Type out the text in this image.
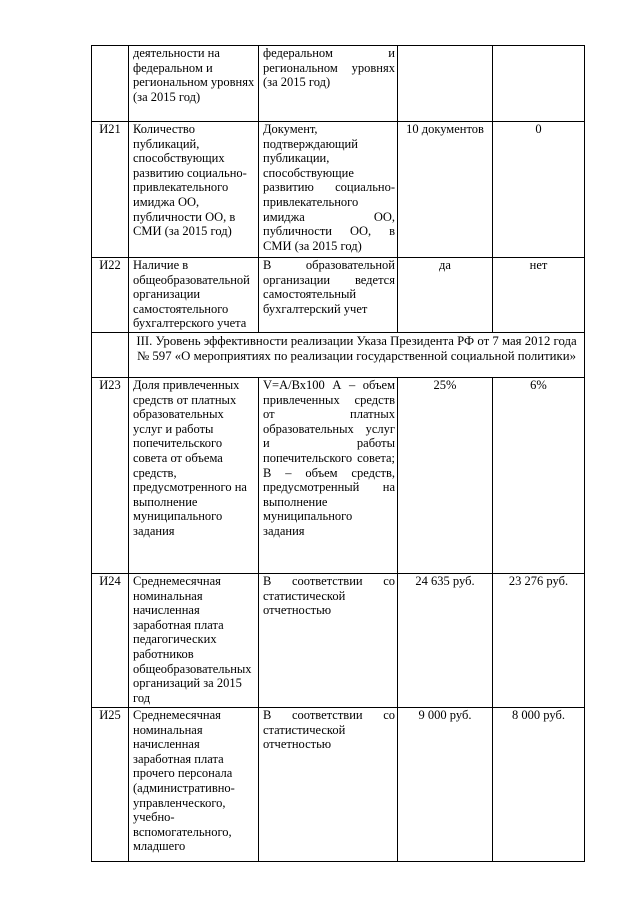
	деятельности на федеральном и региональном уровнях (за 2015 год)	федеральном и региональном уровнях (за 2015 год)		
И21	Количество публикаций, способствующих развитию социально-привлекательного имиджа ОО, публичности ОО, в СМИ (за 2015 год)	Документ, подтверждающий публикации, способствующие развитию социально-привлекательного имиджа ОО, публичности ОО, в СМИ (за 2015 год)	10 документов	0
И22	Наличие в общеобразовательной организации самостоятельного бухгалтерского учета	В образовательной организации ведется самостоятельный бухгалтерский учет	да	нет
	III. Уровень эффективности реализации Указа Президента РФ от 7 мая 2012 года № 597 «О мероприятиях по реализации государственной социальной политики»			
И23	Доля привлеченных средств от платных образовательных услуг и работы попечительского совета от объема средств, предусмотренного на выполнение муниципального задания	V=А/Вх100 А – объем привлеченных средств от платных образовательных услуг и работы попечительского совета; В – объем средств, предусмотренный на выполнение муниципального задания	25%	6%
И24	Среднемесячная номинальная начисленная заработная плата педагогических работников общеобразовательных организаций за 2015 год	В соответствии со статистической отчетностью	24 635 руб.	23 276 руб.
И25	Среднемесячная номинальная начисленная заработная плата прочего персонала (административно-управленческого, учебно-вспомогательного, младшего	В соответствии со статистической отчетностью	9 000 руб.	8 000 руб.
